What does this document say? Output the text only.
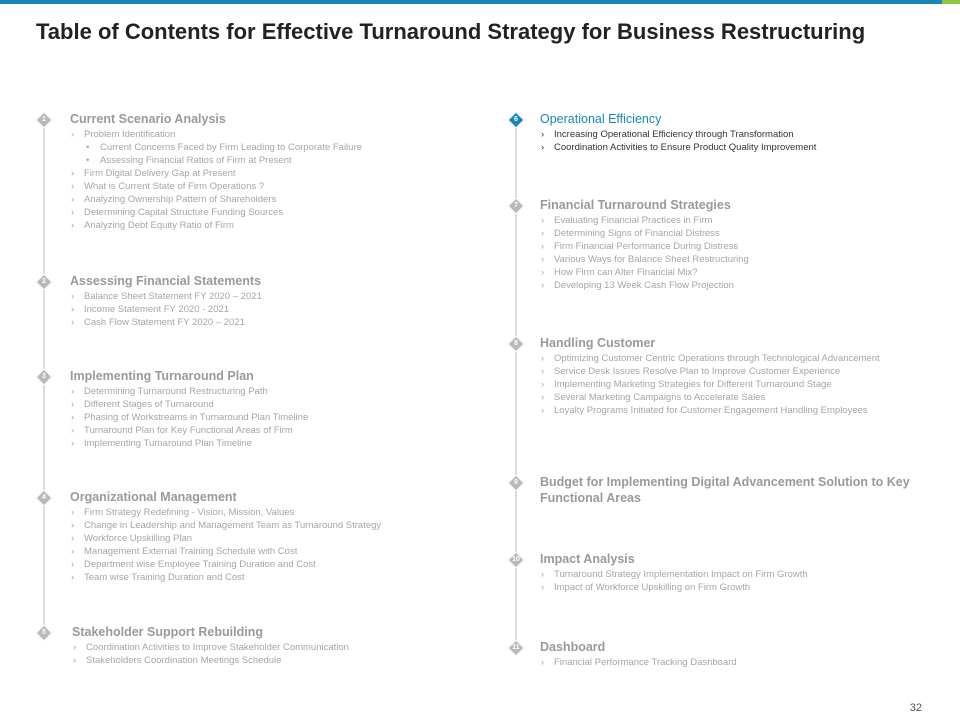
Table of Contents for Effective Turnaround Strategy for Business Restructuring
1 Current Scenario Analysis
› Problem Identification
• Current Concerns Faced by Firm Leading to Corporate Failure
• Assessing Financial Ratios of Firm at Present
› Firm Digital Delivery Gap at Present
› What is Current State of Firm Operations ?
› Analyzing Ownership Pattern of Shareholders
› Determining Capital Structure Funding Sources
› Analyzing Debt Equity Ratio of Firm
2 Assessing Financial Statements
› Balance Sheet Statement FY 2020 – 2021
› Income Statement FY 2020 - 2021
› Cash Flow Statement FY 2020 – 2021
3 Implementing Turnaround Plan
› Determining Turnaround Restructuring Path
› Different Stages of Turnaround
› Phasing of Workstreams in Turnaround Plan Timeline
› Turnaround Plan for Key Functional Areas of Firm
› Implementing Turnaround Plan Timeline
4 Organizational Management
› Firm Strategy Redefining - Vision, Mission, Values
› Change in Leadership and Management Team as Turnaround Strategy
› Workforce Upskilling Plan
› Management External Training Schedule with Cost
› Department wise Employee Training Duration and Cost
› Team wise Training Duration and Cost
5 Stakeholder Support Rebuilding
› Coordination Activities to Improve Stakeholder Communication
› Stakeholders Coordination Meetings Schedule
6 Operational Efficiency
› Increasing Operational Efficiency through Transformation
› Coordination Activities to Ensure Product Quality Improvement
7 Financial Turnaround Strategies
› Evaluating Financial Practices in Firm
› Determining Signs of Financial Distress
› Firm Financial Performance During Distress
› Various Ways for Balance Sheet Restructuring
› How Firm can Alter Financial Mix?
› Developing 13 Week Cash Flow Projection
8 Handling Customer
› Optimizing Customer Centric Operations through Technological Advancement
› Service Desk Issues Resolve Plan to Improve Customer Experience
› Implementing Marketing Strategies for Different Turnaround Stage
› Several Marketing Campaigns to Accelerate Sales
› Loyalty Programs Initiated for Customer Engagement Handling Employees
9 Budget for Implementing Digital Advancement Solution to Key Functional Areas
10 Impact Analysis
› Turnaround Strategy Implementation Impact on Firm Growth
› Impact of Workforce Upskilling on Firm Growth
11 Dashboard
› Financial Performance Tracking Dashboard
32
